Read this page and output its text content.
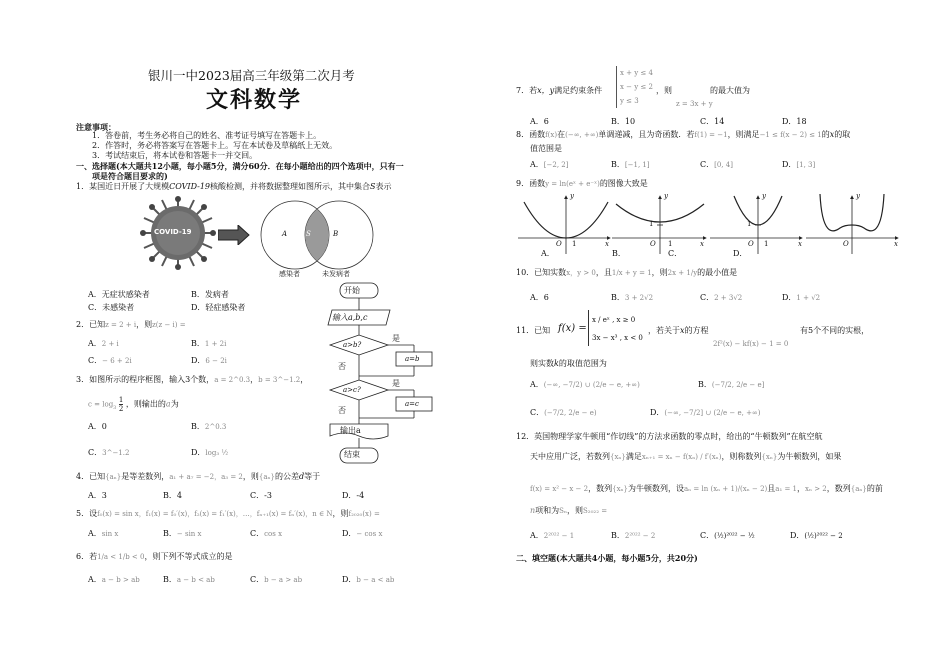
银川一中2023届高三年级第二次月考
文科数学
注意事项：
1．答卷前，考生务必将自己的姓名、准考证号填写在答题卡上。
2．作答时，务必将答案写在答题卡上。写在本试卷及草稿纸上无效。
3．考试结束后，将本试卷和答题卡一并交回。
一、选择题(本大题共12小题，每小题5分，满分60分．在每小题给出的四个选项中，只有一
项是符合题目要求的)
1．某国近日开展了大规模COVID-19核酸检测，并将数据整理如图所示，其中集合S表示
COVID-19	A	S	B
感染者	未发病者
A．无症状感染者	B．发病者
C．未感染者	D．轻症感染者
2．已知z = 2 + i，则z(z − i) =
A．2 + i	B．1 + 2i
C．− 6 + 2i	D．6 − 2i
3．如图所示的程序框图，输入3个数，a = 2^0.3，b = 3^−1.2，
$c = \log_3 \frac{1}{2}$ ，则输出的a为
A．0	B．2^0.3
C．3^−1.2	D．log₃ ½
开始
输入a,b,c
a>b?
是
a=b
否
a>c?
是
a=c
否
输出a
结束
4．已知{aₙ}是等差数列，a₁ + a₇ = −2，a₃ = 2，则{aₙ}的公差d等于
A．3	B．4	C．-3	D．-4
5．设f₀(x) = sin x，f₁(x) = f₀′(x)，f₂(x) = f₁′(x)，…，fₙ₊₁(x) = fₙ′(x)，n ∈ N，则f₂₀₂₀(x) =
A．sin x	B．− sin x	C．cos x	D．− cos x
6．若1/a < 1/b < 0，则下列不等式成立的是
A．a − b > ab	B．a − b < ab	C．b − a > ab	D．b − a < ab
7．若x，y满足约束条件
x + y ≤ 4
x − y ≤ 2
y ≤ 3
，则	的最大值为
z = 3x + y
A．6	B．10	C．14	D．18
8．函数f(x)在(−∞, +∞)单调递减，且为奇函数．若f(1) = −1，则满足−1 ≤ f(x − 2) ≤ 1的x的取
值范围是
A．[−2, 2]	B．[−1, 1]	C．[0, 4]	D．[1, 3]
9．函数y = ln(eˣ + e⁻ˣ)的图像大致是
y
O 1	x
y
1
O 1	x
y
1
O 1	x
y
O	x
A．	B．	C．	D．
10．已知实数x，y > 0，且1/x + y = 1，则2x + 1/y的最小值是
A．6	B．3 + 2√2	C．2 + 3√2	D．1 + √2
11．已知 f(x) =
x / eˣ , x ≥ 0
3x − x³ , x < 0
，若关于x的方程	有5个不同的实根，
2f²(x) − kf(x) − 1 = 0
则实数k的取值范围为
A．(−∞, −7/2) ∪ (2/e − e, +∞)	B．(−7/2, 2/e − e]
C．(−7/2, 2/e − e)	D．(−∞, −7/2] ∪ (2/e − e, +∞)
12．英国物理学家牛顿用“作切线”的方法求函数的零点时，给出的“牛顿数列”在航空航
天中应用广泛，若数列{xₙ}满足xₙ₊₁ = xₙ − f(xₙ) / f′(xₙ)，则称数列{xₙ}为牛顿数列，如果
f(x) = x² − x − 2，数列{xₙ}为牛顿数列，设aₙ = ln (xₙ + 1)/(xₙ − 2)且a₁ = 1，xₙ > 2，数列{aₙ}的前
n项和为Sₙ，则S₂₀₂₂ =
A．2²⁰²² − 1	B．2²⁰²² − 2	C．(½)²⁰²² − ½	D．(½)²⁰²² − 2
二、填空题(本大题共4小题，每小题5分，共20分)
